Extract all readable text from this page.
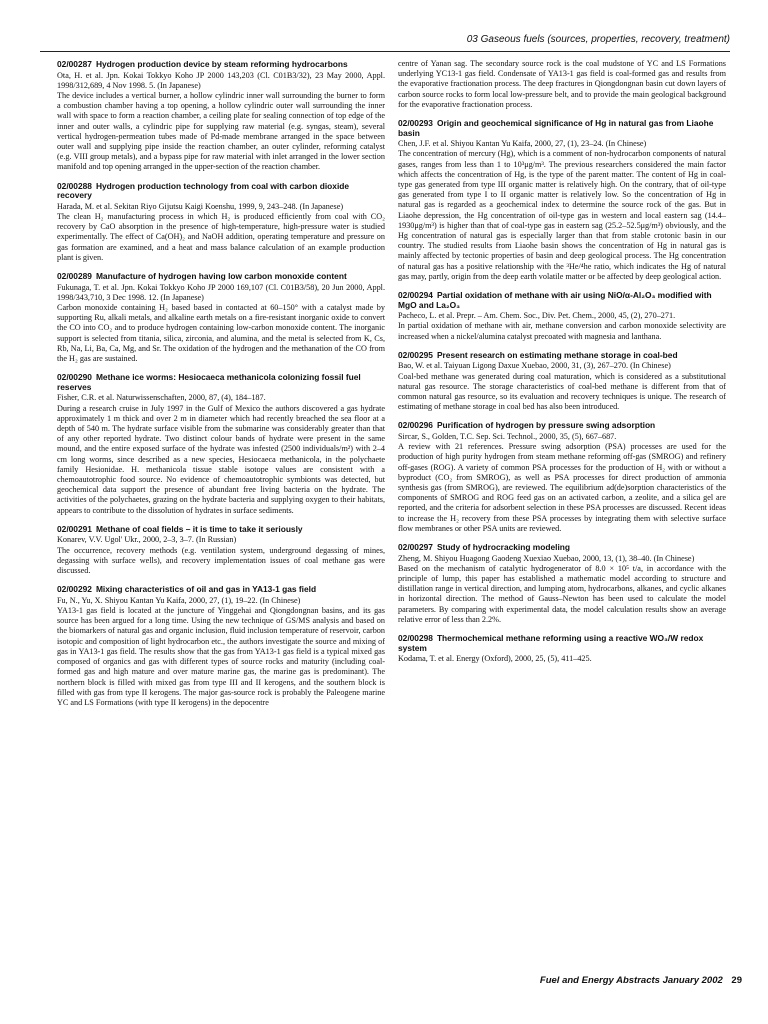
03 Gaseous fuels (sources, properties, recovery, treatment)
02/00287 Hydrogen production device by steam reforming hydrocarbons
Ota, H. et al. Jpn. Kokai Tokkyo Koho JP 2000 143,203 (Cl. C01B3/32), 23 May 2000, Appl. 1998/312,689, 4 Nov 1998. 5. (In Japanese)
The device includes a vertical burner, a hollow cylindric inner wall surrounding the burner to form a combustion chamber having a top opening, a hollow cylindric outer wall surrounding the inner wall with space to form a reaction chamber, a ceiling plate for sealing connection of top edge of the inner and outer walls, a cylindric pipe for supplying raw material (e.g. syngas, steam), several vertical hydrogen-permeation tubes made of Pd-made membrane arranged in the space between outer wall and supplying pipe inside the reaction chamber, an outer cylinder, reforming catalyst (e.g. VIII group metals), and a bypass pipe for raw material with inlet arranged in the lower section manifold and top opening arranged in the upper-section of the reaction chamber.
02/00288 Hydrogen production technology from coal with carbon dioxide recovery
Harada, M. et al. Sekitan Riyo Gijutsu Kaigi Koenshu, 1999, 9, 243–248. (In Japanese)
The clean H₂ manufacturing process in which H₂ is produced efficiently from coal with CO₂ recovery by CaO absorption in the presence of high-temperature, high-pressure water is studied experimentally. The effect of Ca(OH)₂ and NaOH addition, operating temperature and pressure on gas formation are examined, and a heat and mass balance calculation of an example production plant is given.
02/00289 Manufacture of hydrogen having low carbon monoxide content
Fukunaga, T. et al. Jpn. Kokai Tokkyo Koho JP 2000 169,107 (Cl. C01B3/58), 20 Jun 2000, Appl. 1998/343,710, 3 Dec 1998. 12. (In Japanese)
Carbon monoxide containing H₂ based based in contacted at 60–150° with a catalyst made by supporting Ru, alkali metals, and alkaline earth metals on a fire-resistant inorganic oxide to convert the CO into CO₂ and to produce hydrogen containing low-carbon monoxide content. The inorganic support is selected from titania, silica, zirconia, and alumina, and the metal is selected from K, Cs, Rb, Na, Li, Ba, Ca, Mg, and Sr. The oxidation of the hydrogen and the methanation of the CO from the H₂ gas are sustained.
02/00290 Methane ice worms: Hesiocaeca methanicola colonizing fossil fuel reserves
Fisher, C.R. et al. Naturwissenschaften, 2000, 87, (4), 184–187.
During a research cruise in July 1997 in the Gulf of Mexico the authors discovered a gas hydrate approximately 1 m thick and over 2 m in diameter which had recently breached the sea floor at a depth of 540 m. The hydrate surface visible from the submarine was considerably greater than that of any other reported hydrate. Two distinct colour bands of hydrate were present in the same mound, and the entire exposed surface of the hydrate was infested (2500 individuals/m²) with 2–4 cm long worms, since described as a new species, Hesiocaeca methanicola, in the polychaete family Hesionidae. H. methanicola tissue stable isotope values are consistent with a chemoautotrophic food source. No evidence of chemoautotrophic symbionts was detected, but geochemical data support the presence of abundant free living bacteria on the hydrate. The activities of the polychaetes, grazing on the hydrate bacteria and supplying oxygen to their habitats, appears to contribute to the dissolution of hydrates in surface sediments.
02/00291 Methane of coal fields – it is time to take it seriously
Konarev, V.V. Ugol' Ukr., 2000, 2–3, 3–7. (In Russian)
The occurrence, recovery methods (e.g. ventilation system, underground degassing of mines, degassing with surface wells), and recovery implementation issues of coal methane gas were discussed.
02/00292 Mixing characteristics of oil and gas in YA13-1 gas field
Fu, N., Yu, X. Shiyou Kantan Yu Kaifa, 2000, 27, (1), 19–22. (In Chinese)
YA13-1 gas field is located at the juncture of Yinggehai and Qiongdongnan basins, and its gas source has been argued for a long time. Using the new technique of GS/MS analysis and based on the biomarkers of natural gas and organic inclusion, fluid inclusion temperature of reservoir, carbon isotopic and composition of light hydrocarbon etc., the authors investigate the source and mixing of gas in YA13-1 gas field. The results show that the gas from YA13-1 gas field is a typical mixed gas composed of organics and gas with different types of source rocks and maturity (including coal-formed gas and high mature and over mature marine gas, the marine gas is predominant). The northern block is filled with mixed gas from type III and II kerogens, and the southern block is filled with gas from type II kerogens. The major gas-source rock is probably the Paleogene marine YC and LS Formations (with type II kerogens) in the depocentre
centre of Yanan sag. The secondary source rock is the coal mudstone of YC and LS Formations underlying YC13-1 gas field. Condensate of YA13-1 gas field is coal-formed gas and results from the evaporative fractionation process. The deep fractures in Qiongdongnan basin cut down layers of carbon source rocks to form local low-pressure belt, and to provide the main geological background for the evaporative fractionation process.
02/00293 Origin and geochemical significance of Hg in natural gas from Liaohe basin
Chen, J.F. et al. Shiyou Kantan Yu Kaifa, 2000, 27, (1), 23–24. (In Chinese)
The concentration of mercury (Hg), which is a comment of non-hydrocarbon components of natural gases, ranges from less than 1 to 10³μg/m³. The previous researchers considered the main factor which affects the concentration of Hg, is the type of the parent matter. The content of Hg in coal-type gas generated from type III organic matter is relatively high. On the contrary, that of oil-type gas generated from type I to II organic matter is relatively low. So the concentration of Hg in natural gas is regarded as a geochemical index to determine the source rock of the gas. But in Liaohe depression, the Hg concentration of oil-type gas in western and local eastern sag (14.4–1930μg/m³) is higher than that of coal-type gas in eastern sag (25.2–52.5μg/m³) obviously, and the Hg concentration of natural gas is especially larger than that from stable crotonic basin in our country. The studied results from Liaohe basin shows the concentration of Hg in natural gas is mainly affected by tectonic properties of basin and deep geological process. The Hg concentration of natural gas has a positive relationship with the ³He/⁴he ratio, which indicates the Hg of natural gas may, partly, origin from the deep earth volatile matter or be affected by deep geological action.
02/00294 Partial oxidation of methane with air using NiO/α-Al₂O₃ modified with MgO and La₂O₃
Pacheco, L. et al. Prepr. – Am. Chem. Soc., Div. Pet. Chem., 2000, 45, (2), 270–271.
In partial oxidation of methane with air, methane conversion and carbon monoxide selectivity are increased when a nickel/alumina catalyst precoated with magnesia and lanthana.
02/00295 Present research on estimating methane storage in coal-bed
Bao, W. et al. Taiyuan Ligong Daxue Xuebao, 2000, 31, (3), 267–270. (In Chinese)
Coal-bed methane was generated during coal maturation, which is considered as a substitutional natural gas resource. The storage characteristics of coal-bed methane is different from that of common natural gas resource, so its evaluation and recovery techniques is unique. The research of estimating of methane storage in coal bed has also been introduced.
02/00296 Purification of hydrogen by pressure swing adsorption
Sircar, S., Golden, T.C. Sep. Sci. Technol., 2000, 35, (5), 667–687.
A review with 21 references. Pressure swing adsorption (PSA) processes are used for the production of high purity hydrogen from steam methane reforming off-gas (SMROG) and refinery off-gases (ROG). A variety of common PSA processes for the production of H₂ with or without a byproduct (CO₂ from SMROG), as well as PSA processes for direct production of ammonia synthesis gas (from SMROG), are reviewed. The equilibrium ad(de)sorption characteristics of the components of SMROG and ROG feed gas on an activated carbon, a zeolite, and a silica gel are reported, and the criteria for adsorbent selection in these PSA processes are discussed. Recent ideas to increase the H₂ recovery from these PSA processes by integrating them with selective surface flow membranes or other PSA units are reviewed.
02/00297 Study of hydrocracking modeling
Zheng, M. Shiyou Huagong Gaodeng Xuexiao Xuebao, 2000, 13, (1), 38–40. (In Chinese)
Based on the mechanism of catalytic hydrogenerator of 8.0 × 10⁵ t/a, in accordance with the principle of lump, this paper has established a mathematic model according to structure and distillation range in vertical direction, and lumping atom, hydrocarbons, alkanes, and cyclic alkanes in horizontal direction. The method of Gauss–Newton has been used to calculate the model parameters. By comparing with experimental data, the model calculation results show an average relative error of less than 2.2%.
02/00298 Thermochemical methane reforming using a reactive WO₃/W redox system
Kodama, T. et al. Energy (Oxford), 2000, 25, (5), 411–425.
Fuel and Energy Abstracts January 2002 29
